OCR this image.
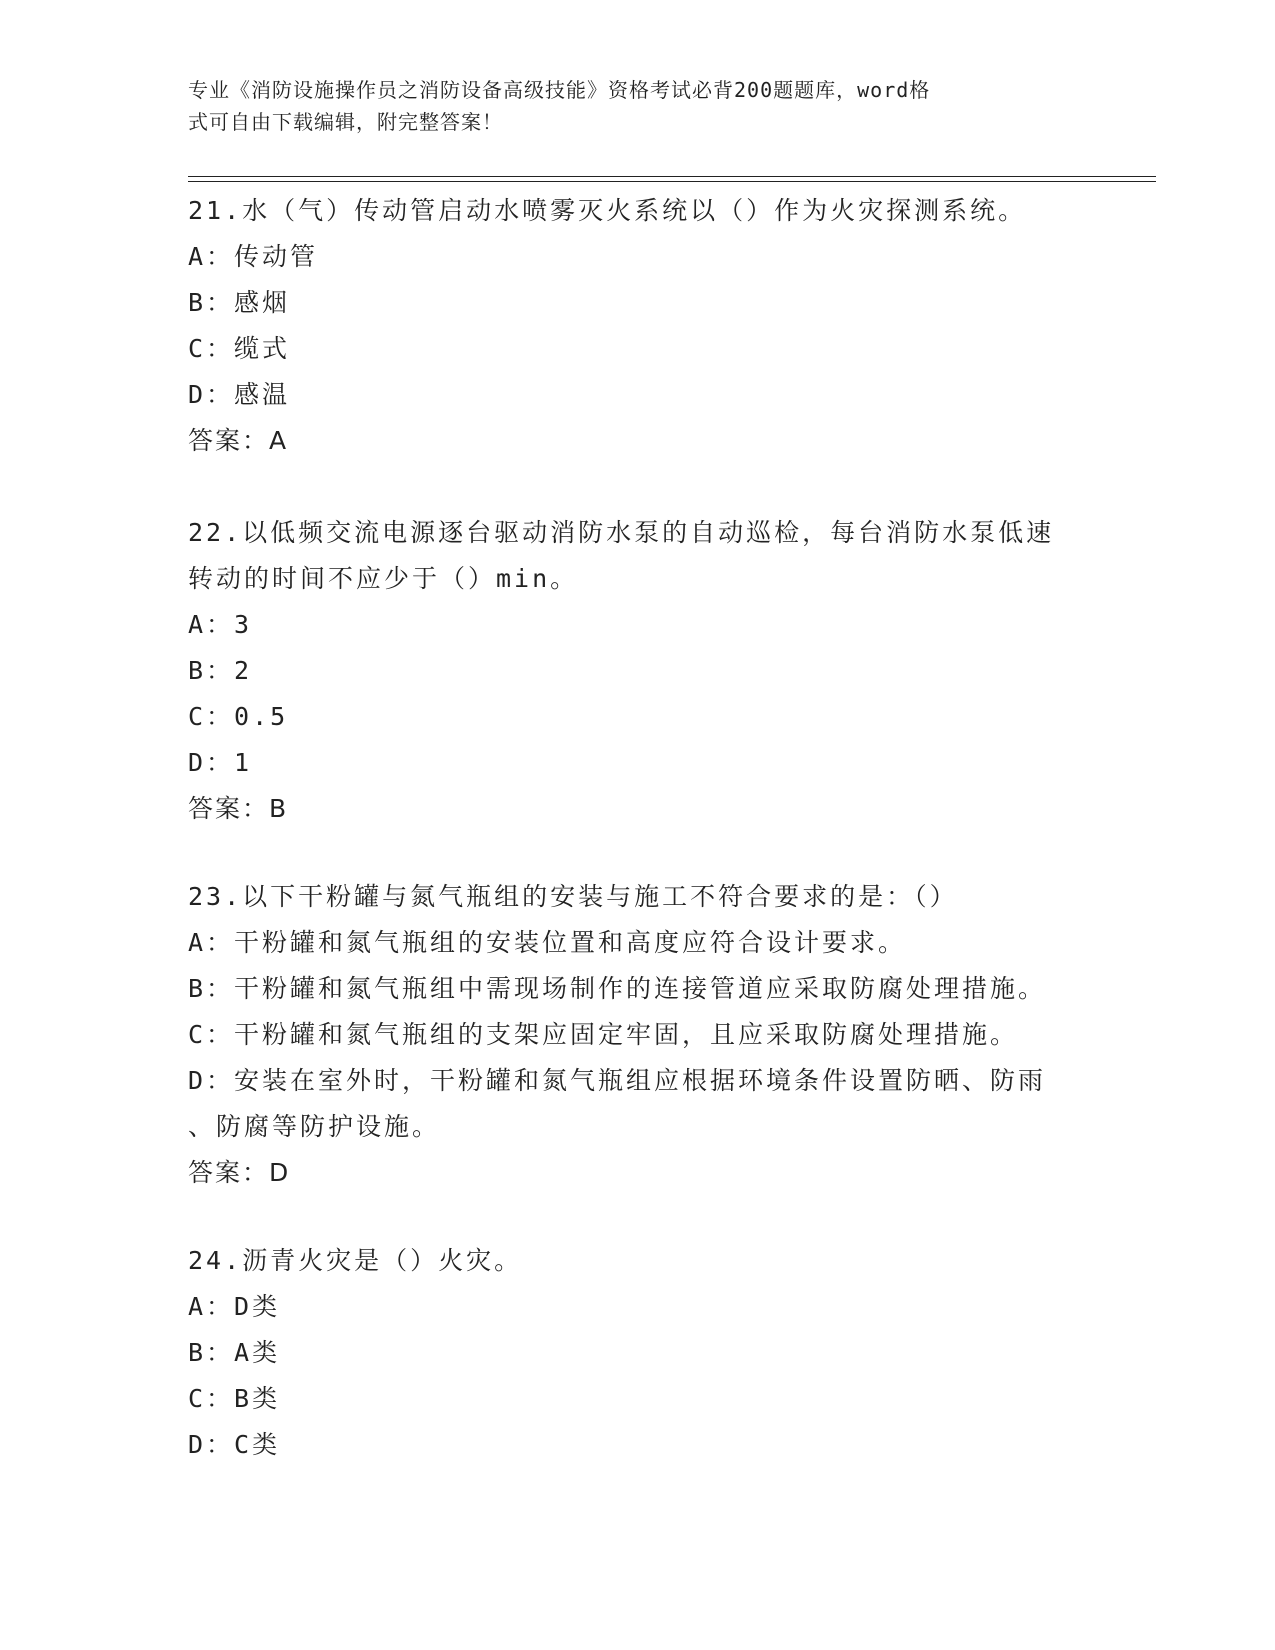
专业《消防设施操作员之消防设备高级技能》资格考试必背200题题库，word格
式可自由下载编辑，附完整答案！
21.水（气）传动管启动水喷雾灭火系统以（）作为火灾探测系统。
A：传动管
B：感烟
C：缆式
D：感温
答案：A
22.以低频交流电源逐台驱动消防水泵的自动巡检，每台消防水泵低速
转动的时间不应少于（）min。
A：3
B：2
C：0.5
D：1
答案：B
23.以下干粉罐与氮气瓶组的安装与施工不符合要求的是：（）
A：干粉罐和氮气瓶组的安装位置和高度应符合设计要求。
B：干粉罐和氮气瓶组中需现场制作的连接管道应采取防腐处理措施。
C：干粉罐和氮气瓶组的支架应固定牢固，且应采取防腐处理措施。
D：安装在室外时，干粉罐和氮气瓶组应根据环境条件设置防晒、防雨
、防腐等防护设施。
答案：D
24.沥青火灾是（）火灾。
A：D类
B：A类
C：B类
D：C类
